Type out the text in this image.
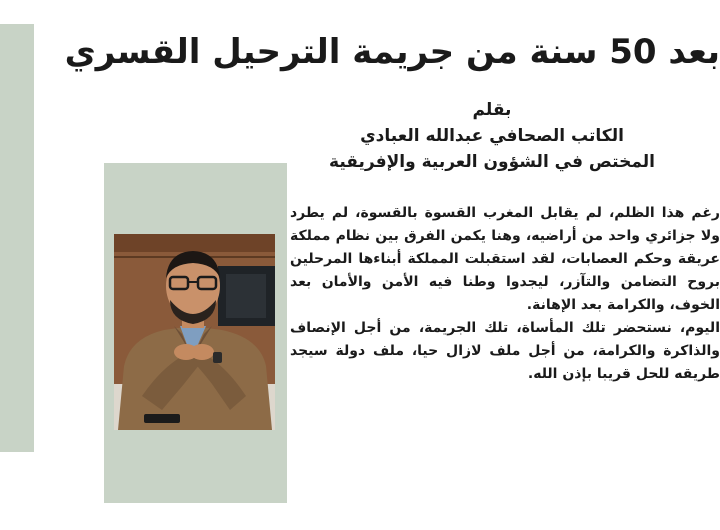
بعد 50 سنة من جريمة الترحيل القسري
بقلم
الكاتب الصحافي عبدالله العبادي
المختص في الشؤون العربية والإفريقية

رغم هذا الظلم، لم يقابل المغرب القسوة بالقسوة، لم يطرد ولا جزائري واحد من أراضيه، وهنا يكمن الفرق بين نظام مملكة عريقة وحكم العصابات، لقد استقبلت المملكة أبناءها المرحلين بروح التضامن والتآزر، ليجدوا وطنا فيه الأمن والأمان بعد الخوف، والكرامة بعد الإهانة.

اليوم، نستحضر تلك المأساة، تلك الجريمة، من أجل الإنصاف والذاكرة والكرامة، من أجل ملف لازال حيا، ملف دولة سيجد طريقه للحل قريبا بإذن الله.
